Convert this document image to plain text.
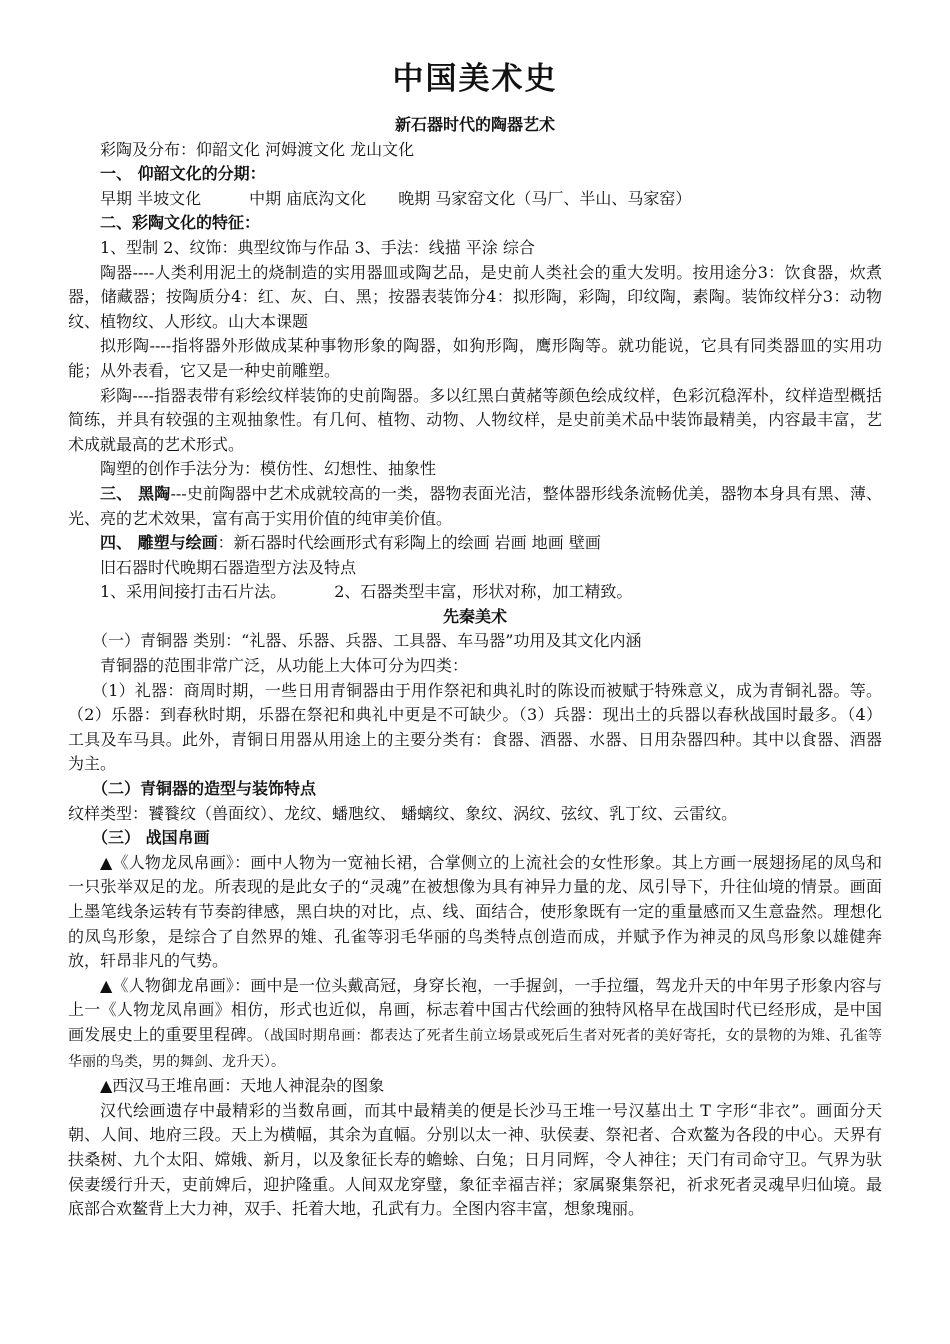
中国美术史
新石器时代的陶器艺术

彩陶及分布：仰韶文化 河姆渡文化 龙山文化

一、 仰韶文化的分期：

早期 半坡文化	中期 庙底沟文化 晚期 马家窑文化（马厂、半山、马家窑）

二、彩陶文化的特征：

1、型制 2、纹饰：典型纹饰与作品 3、手法：线描 平涂 综合

陶器----人类利用泥土的烧制造的实用器皿或陶艺品，是史前人类社会的重大发明。按用途分3：饮食器，炊煮器，储藏器；按陶质分4：红、灰、白、黑；按器表装饰分4：拟形陶，彩陶，印纹陶，素陶。装饰纹样分3：动物纹、植物纹、人形纹。山大本课题

拟形陶----指将器外形做成某种事物形象的陶器，如狗形陶，鹰形陶等。就功能说，它具有同类器皿的实用功能；从外表看，它又是一种史前雕塑。

彩陶----指器表带有彩绘纹样装饰的史前陶器。多以红黑白黄赭等颜色绘成纹样，色彩沉稳浑朴，纹样造型概括简练，并具有较强的主观抽象性。有几何、植物、动物、人物纹样，是史前美术品中装饰最精美，内容最丰富，艺术成就最高的艺术形式。

陶塑的创作手法分为：模仿性、幻想性、抽象性

三、 黑陶---史前陶器中艺术成就较高的一类，器物表面光洁，整体器形线条流畅优美，器物本身具有黑、薄、光、亮的艺术效果，富有高于实用价值的纯审美价值。

四、 雕塑与绘画：新石器时代绘画形式有彩陶上的绘画 岩画 地画 壁画

旧石器时代晚期石器造型方法及特点

1、采用间接打击石片法。	2、石器类型丰富，形状对称，加工精致。

先秦美术

（一）青铜器 类别：“礼器、乐器、兵器、工具器、车马器”功用及其文化内涵

青铜器的范围非常广泛，从功能上大体可分为四类：

（1）礼器：商周时期，一些日用青铜器由于用作祭祀和典礼时的陈设而被赋于特殊意义，成为青铜礼器。等。（2）乐器：到春秋时期，乐器在祭祀和典礼中更是不可缺少。（3）兵器：现出土的兵器以春秋战国时最多。（4）工具及车马具。此外，青铜日用器从用途上的主要分类有：食器、酒器、水器、日用杂器四种。其中以食器、酒器为主。

（二）青铜器的造型与装饰特点

纹样类型：饕餮纹（兽面纹）、龙纹、蟠虺纹、 蟠螭纹、象纹、涡纹、弦纹、乳丁纹、云雷纹。

（三） 战国帛画

▲《人物龙凤帛画》：画中人物为一宽袖长裙，合掌侧立的上流社会的女性形象。其上方画一展翅扬尾的凤鸟和一只张举双足的龙。所表现的是此女子的“灵魂”在被想像为具有神异力量的龙、凤引导下，升往仙境的情景。画面上墨笔线条运转有节奏韵律感，黑白块的对比，点、线、面结合，使形象既有一定的重量感而又生意盎然。理想化的凤鸟形象，是综合了自然界的雉、孔雀等羽毛华丽的鸟类特点创造而成，并赋予作为神灵的凤鸟形象以雄健奔放，轩昂非凡的气势。

▲《人物御龙帛画》：画中是一位头戴高冠，身穿长袍，一手握剑，一手拉缰，驾龙升天的中年男子形象内容与上一《人物龙凤帛画》相仿，形式也近似，帛画，标志着中国古代绘画的独特风格早在战国时代已经形成，是中国画发展史上的重要里程碑。（战国时期帛画：都表达了死者生前立场景或死后生者对死者的美好寄托，女的景物的为雉、孔雀等华丽的鸟类，男的舞剑、龙升天）。

▲西汉马王堆帛画：天地人神混杂的图象

汉代绘画遗存中最精彩的当数帛画，而其中最精美的便是长沙马王堆一号汉墓出土 T 字形“非衣”。画面分天朝、人间、地府三段。天上为横幅，其余为直幅。分别以太一神、驮侯妻、祭祀者、合欢鳌为各段的中心。天界有扶桑树、九个太阳、嫦娥、新月，以及象征长寿的蟾蜍、白兔；日月同辉，令人神往；天门有司命守卫。气界为驮侯妻缓行升天，吏前婢后，迎护隆重。人间双龙穿璧，象征幸福吉祥；家属聚集祭祀，祈求死者灵魂早归仙境。最底部合欢鳌背上大力神，双手、托着大地，孔武有力。全图内容丰富，想象瑰丽。
